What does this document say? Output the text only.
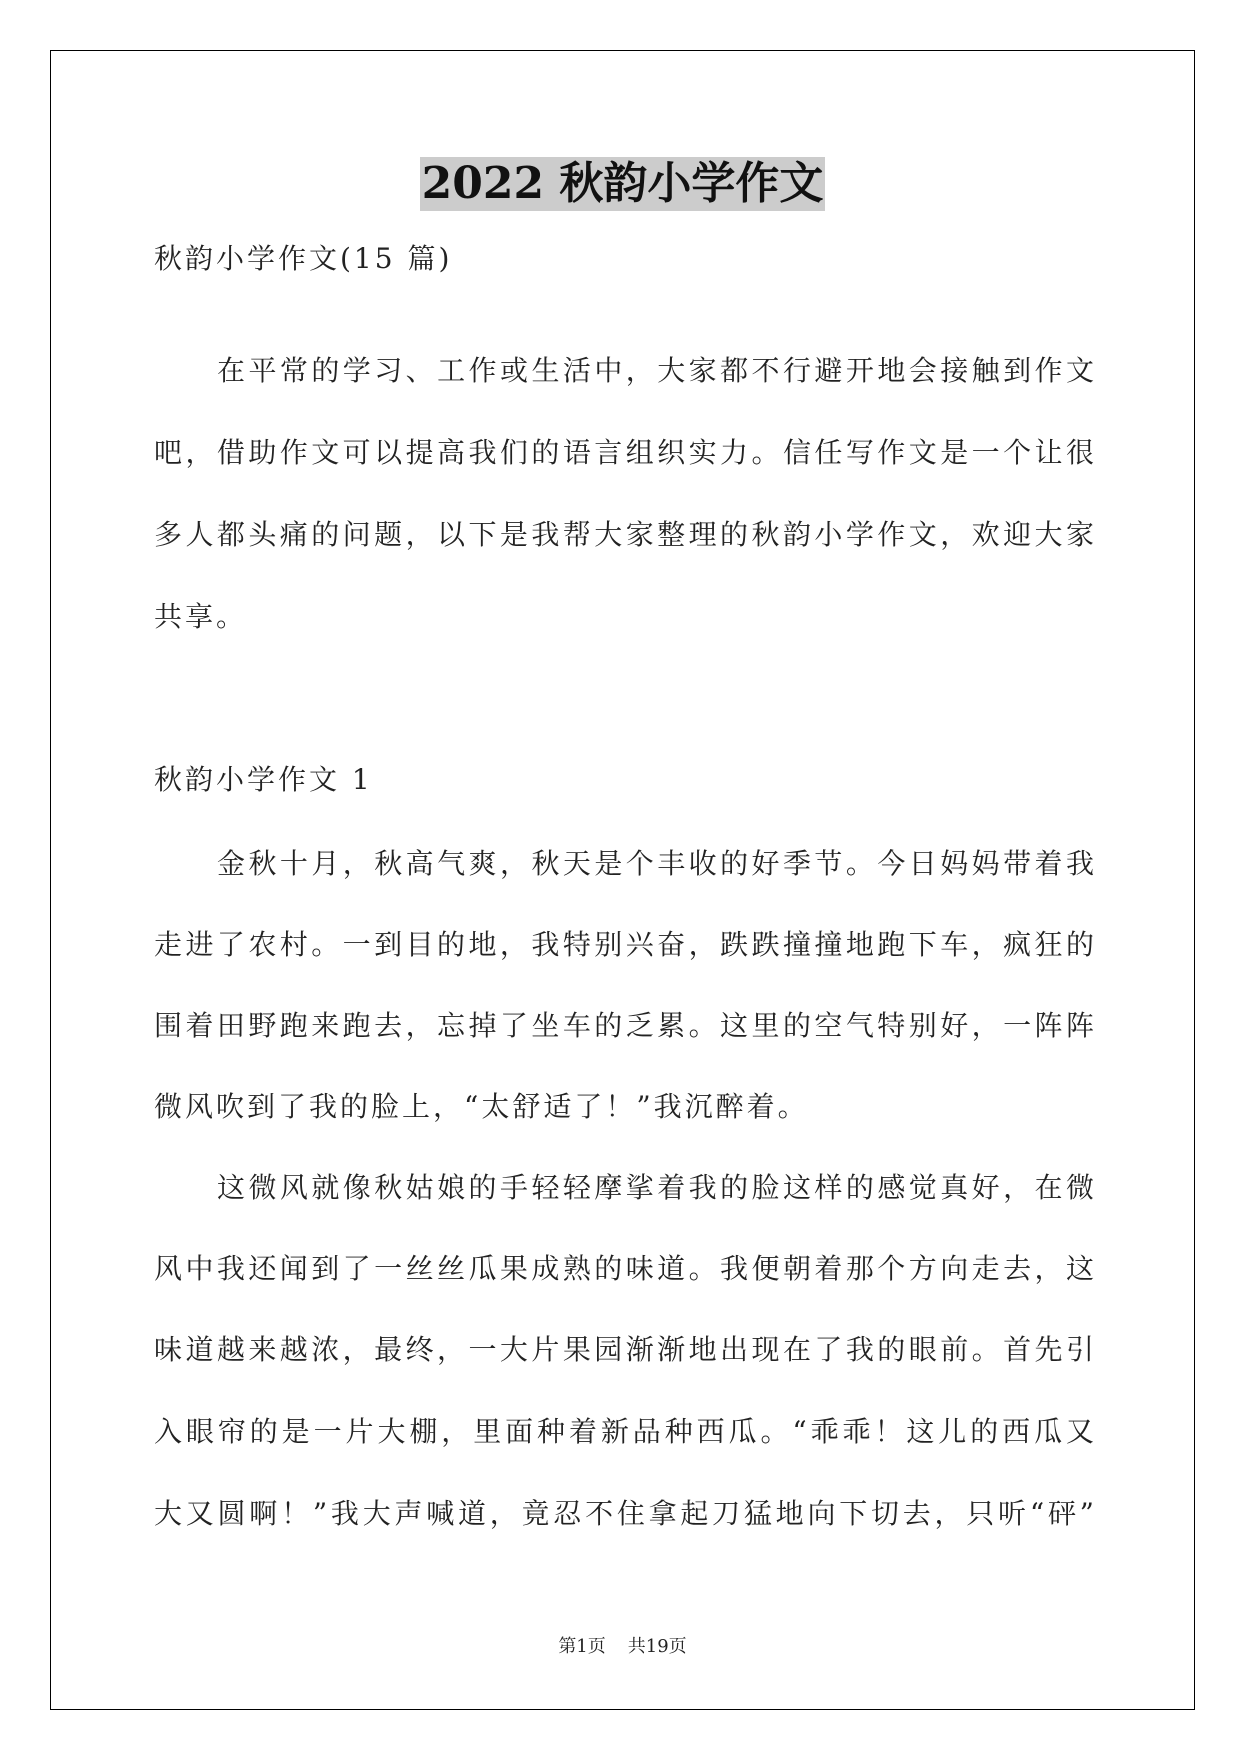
2022 秋韵小学作文
秋韵小学作文(15 篇)
在平常的学习、工作或生活中，大家都不行避开地会接触到作文
吧，借助作文可以提高我们的语言组织实力。信任写作文是一个让很
多人都头痛的问题，以下是我帮大家整理的秋韵小学作文，欢迎大家
共享。
秋韵小学作文 1
金秋十月，秋高气爽，秋天是个丰收的好季节。今日妈妈带着我
走进了农村。一到目的地，我特别兴奋，跌跌撞撞地跑下车，疯狂的
围着田野跑来跑去，忘掉了坐车的乏累。这里的空气特别好，一阵阵
微风吹到了我的脸上，“太舒适了！”我沉醉着。
这微风就像秋姑娘的手轻轻摩挲着我的脸这样的感觉真好，在微
风中我还闻到了一丝丝瓜果成熟的味道。我便朝着那个方向走去，这
味道越来越浓，最终，一大片果园渐渐地出现在了我的眼前。首先引
入眼帘的是一片大棚，里面种着新品种西瓜。“乖乖！这儿的西瓜又
大又圆啊！”我大声喊道，竟忍不住拿起刀猛地向下切去，只听“砰”
第1页 共19页
